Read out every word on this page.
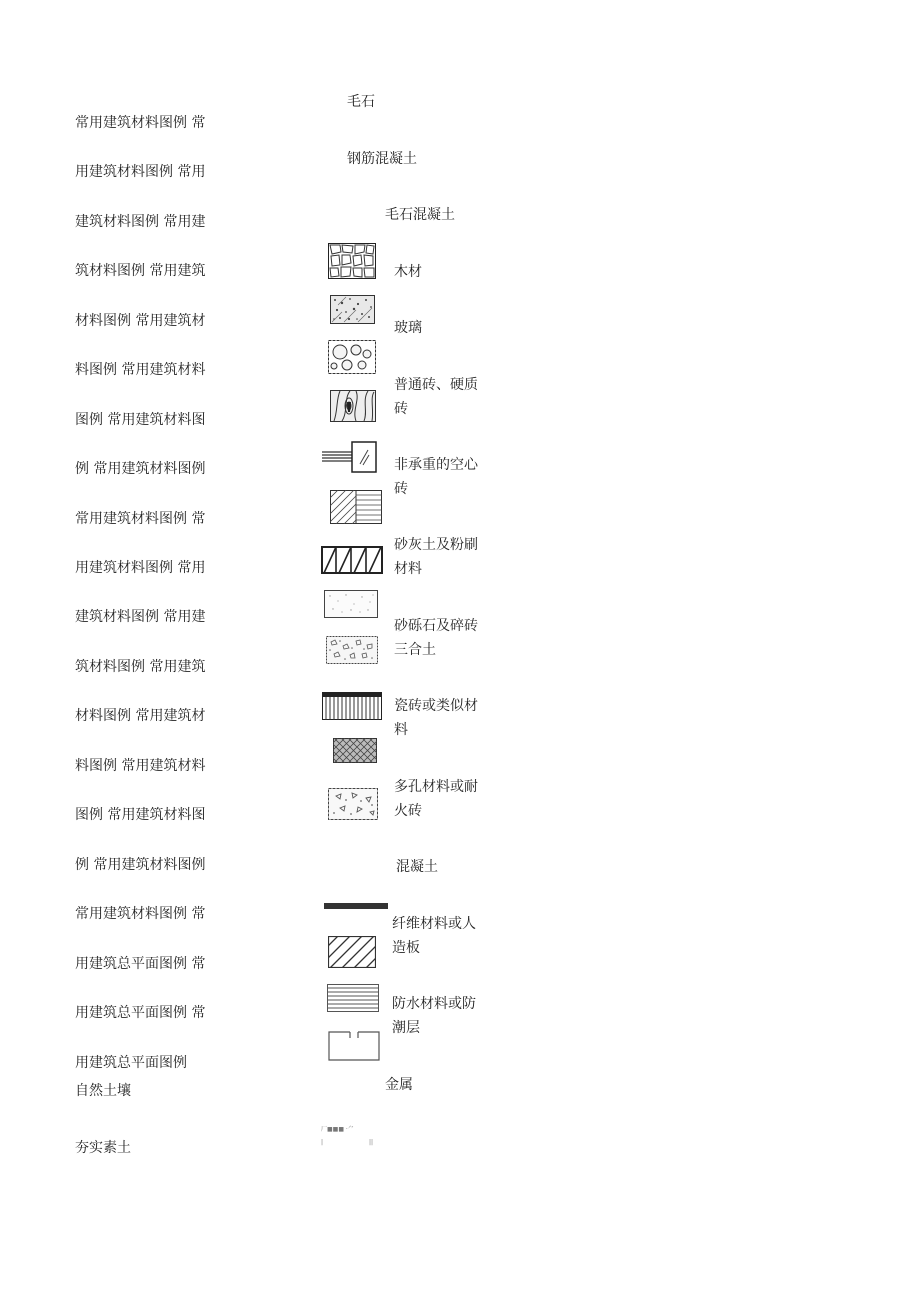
常用建筑材料图例 常
用建筑材料图例 常用
建筑材料图例 常用建
筑材料图例 常用建筑
材料图例 常用建筑材
料图例 常用建筑材料
图例 常用建筑材料图
例 常用建筑材料图例
常用建筑材料图例 常
用建筑材料图例 常用
建筑材料图例 常用建
筑材料图例 常用建筑
材料图例 常用建筑材
料图例 常用建筑材料
图例 常用建筑材料图
例 常用建筑材料图例
常用建筑材料图例 常
用建筑总平面图例 常
用建筑总平面图例 常
用建筑总平面图例
自然土壤
夯实素土
毛石
钢筋混凝土
毛石混凝土
木材
玻璃
普通砖、硬质砖
非承重的空心砖
砂灰土及粉刷材料
砂砾石及碎砖三合土
瓷砖或类似材料
多孔材料或耐火砖
混凝土
纤维材料或人造板
防水材料或防潮层
金属
厂■■■ ·⺈
|	||
